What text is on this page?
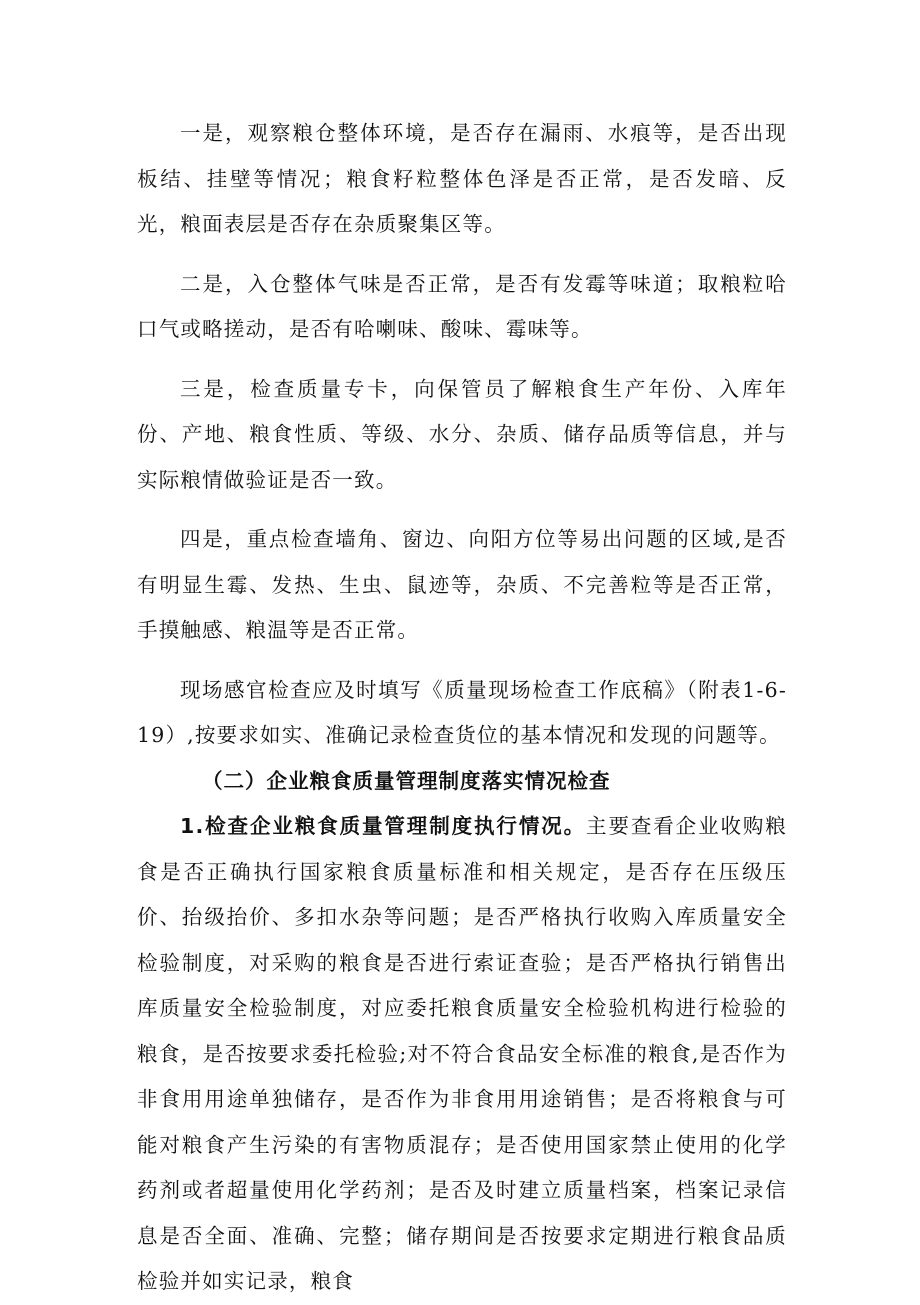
一是，观察粮仓整体环境，是否存在漏雨、水痕等，是否出现板结、挂壁等情况；粮食籽粒整体色泽是否正常，是否发暗、反光，粮面表层是否存在杂质聚集区等。

二是，入仓整体气味是否正常，是否有发霉等味道；取粮粒哈口气或略搓动，是否有哈喇味、酸味、霉味等。

三是，检查质量专卡，向保管员了解粮食生产年份、入库年份、产地、粮食性质、等级、水分、杂质、储存品质等信息，并与实际粮情做验证是否一致。

四是，重点检查墙角、窗边、向阳方位等易出问题的区域,是否有明显生霉、发热、生虫、鼠迹等，杂质、不完善粒等是否正常，手摸触感、粮温等是否正常。

现场感官检查应及时填写《质量现场检查工作底稿》（附表1-6-19）,按要求如实、准确记录检查货位的基本情况和发现的问题等。

（二）企业粮食质量管理制度落实情况检查

1.检查企业粮食质量管理制度执行情况。主要查看企业收购粮食是否正确执行国家粮食质量标准和相关规定，是否存在压级压价、抬级抬价、多扣水杂等问题；是否严格执行收购入库质量安全检验制度，对采购的粮食是否进行索证查验；是否严格执行销售出库质量安全检验制度，对应委托粮食质量安全检验机构进行检验的粮食，是否按要求委托检验;对不符合食品安全标准的粮食,是否作为非食用用途单独储存，是否作为非食用用途销售；是否将粮食与可能对粮食产生污染的有害物质混存；是否使用国家禁止使用的化学药剂或者超量使用化学药剂；是否及时建立质量档案，档案记录信息是否全面、准确、完整；储存期间是否按要求定期进行粮食品质检验并如实记录，粮食
